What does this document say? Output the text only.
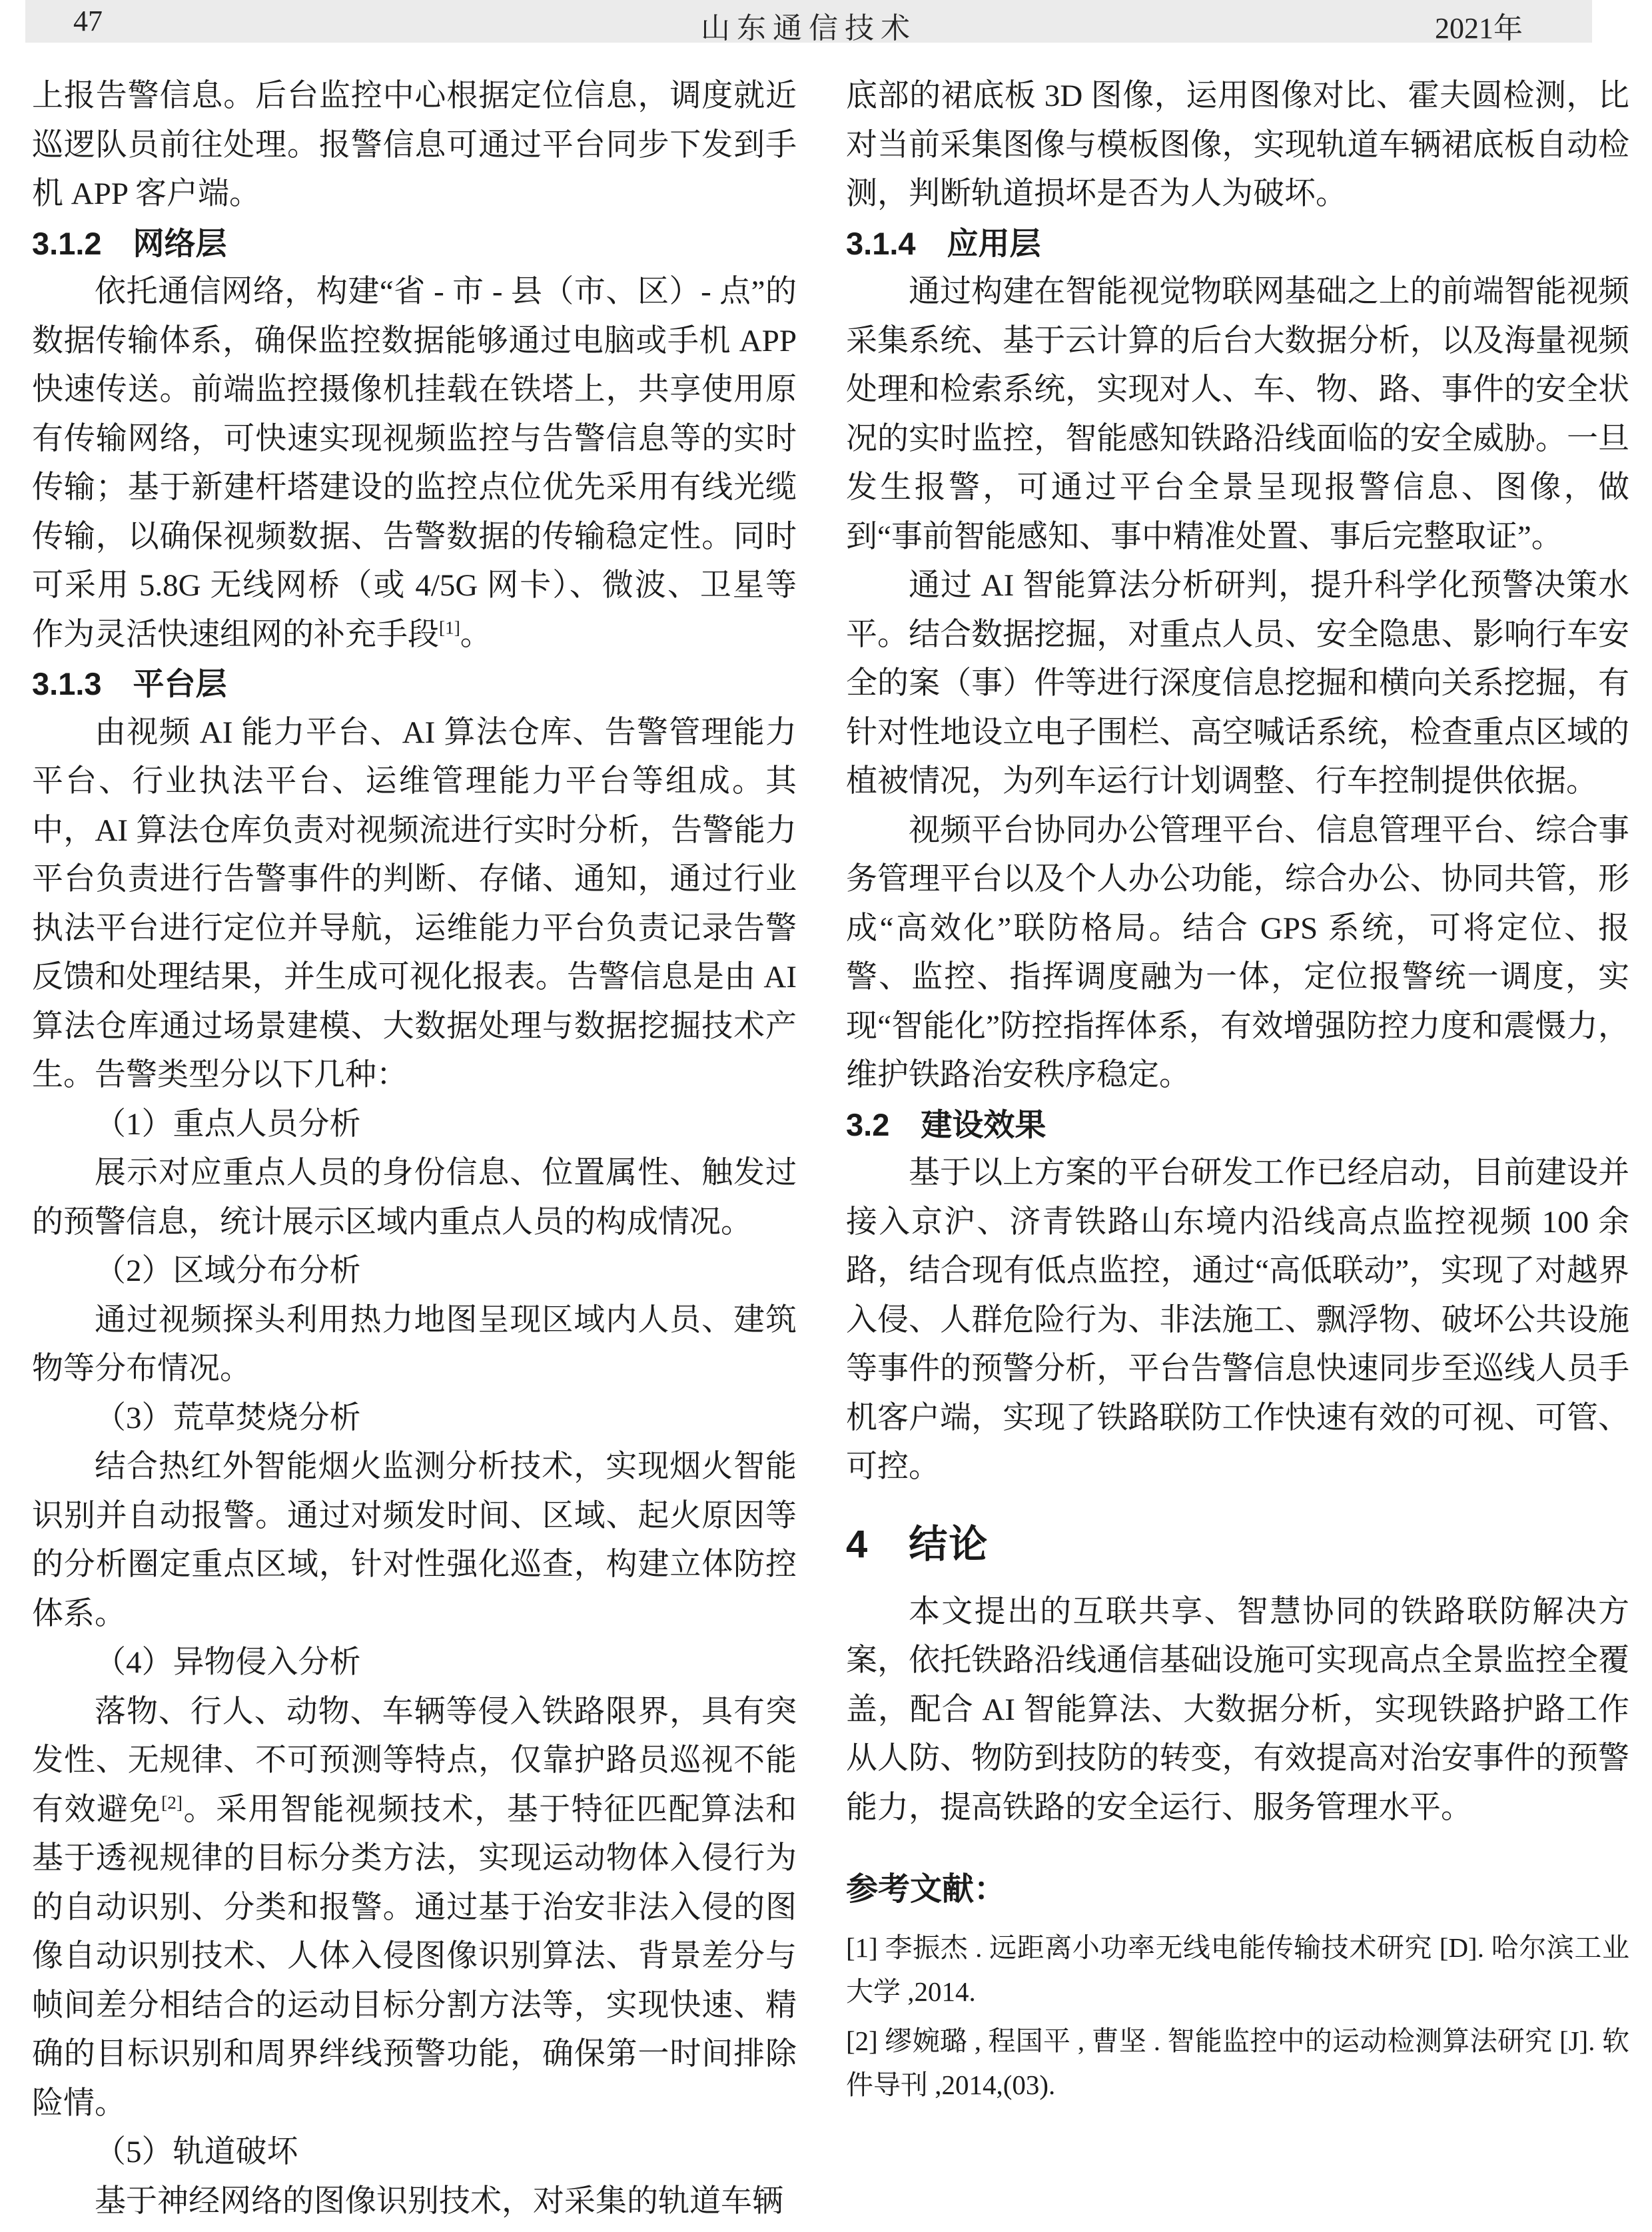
47	山东通信技术	2021年

上报告警信息。后台监控中心根据定位信息，调度就近巡逻队员前往处理。报警信息可通过平台同步下发到手机 APP 客户端。

3.1.2　网络层

依托通信网络，构建“省 - 市 - 县（市、区）- 点”的数据传输体系，确保监控数据能够通过电脑或手机 APP 快速传送。前端监控摄像机挂载在铁塔上，共享使用原有传输网络，可快速实现视频监控与告警信息等的实时传输；基于新建杆塔建设的监控点位优先采用有线光缆传输，以确保视频数据、告警数据的传输稳定性。同时可采用 5.8G 无线网桥（或 4/5G 网卡）、微波、卫星等作为灵活快速组网的补充手段[1]。

3.1.3　平台层

由视频 AI 能力平台、AI 算法仓库、告警管理能力平台、行业执法平台、运维管理能力平台等组成。其中，AI 算法仓库负责对视频流进行实时分析，告警能力平台负责进行告警事件的判断、存储、通知，通过行业执法平台进行定位并导航，运维能力平台负责记录告警反馈和处理结果，并生成可视化报表。告警信息是由 AI 算法仓库通过场景建模、大数据处理与数据挖掘技术产生。告警类型分以下几种：

（1）重点人员分析

展示对应重点人员的身份信息、位置属性、触发过的预警信息，统计展示区域内重点人员的构成情况。

（2）区域分布分析

通过视频探头利用热力地图呈现区域内人员、建筑物等分布情况。

（3）荒草焚烧分析

结合热红外智能烟火监测分析技术，实现烟火智能识别并自动报警。通过对频发时间、区域、起火原因等的分析圈定重点区域，针对性强化巡查，构建立体防控体系。

（4）异物侵入分析

落物、行人、动物、车辆等侵入铁路限界，具有突发性、无规律、不可预测等特点，仅靠护路员巡视不能有效避免[2]。采用智能视频技术，基于特征匹配算法和基于透视规律的目标分类方法，实现运动物体入侵行为的自动识别、分类和报警。通过基于治安非法入侵的图像自动识别技术、人体入侵图像识别算法、背景差分与帧间差分相结合的运动目标分割方法等，实现快速、精确的目标识别和周界绊线预警功能，确保第一时间排除险情。

（5）轨道破坏

基于神经网络的图像识别技术，对采集的轨道车辆

底部的裙底板 3D 图像，运用图像对比、霍夫圆检测，比对当前采集图像与模板图像，实现轨道车辆裙底板自动检测，判断轨道损坏是否为人为破坏。

3.1.4　应用层

通过构建在智能视觉物联网基础之上的前端智能视频采集系统、基于云计算的后台大数据分析，以及海量视频处理和检索系统，实现对人、车、物、路、事件的安全状况的实时监控，智能感知铁路沿线面临的安全威胁。一旦发生报警，可通过平台全景呈现报警信息、图像，做到“事前智能感知、事中精准处置、事后完整取证”。

通过 AI 智能算法分析研判，提升科学化预警决策水平。结合数据挖掘，对重点人员、安全隐患、影响行车安全的案（事）件等进行深度信息挖掘和横向关系挖掘，有针对性地设立电子围栏、高空喊话系统，检查重点区域的植被情况，为列车运行计划调整、行车控制提供依据。

视频平台协同办公管理平台、信息管理平台、综合事务管理平台以及个人办公功能，综合办公、协同共管，形成“高效化”联防格局。结合 GPS 系统，可将定位、报警、监控、指挥调度融为一体，定位报警统一调度，实现“智能化”防控指挥体系，有效增强防控力度和震慑力，维护铁路治安秩序稳定。

3.2　建设效果

基于以上方案的平台研发工作已经启动，目前建设并接入京沪、济青铁路山东境内沿线高点监控视频 100 余路，结合现有低点监控，通过“高低联动”，实现了对越界入侵、人群危险行为、非法施工、飘浮物、破坏公共设施等事件的预警分析，平台告警信息快速同步至巡线人员手机客户端，实现了铁路联防工作快速有效的可视、可管、可控。

4　结论

本文提出的互联共享、智慧协同的铁路联防解决方案，依托铁路沿线通信基础设施可实现高点全景监控全覆盖，配合 AI 智能算法、大数据分析，实现铁路护路工作从人防、物防到技防的转变，有效提高对治安事件的预警能力，提高铁路的安全运行、服务管理水平。

参考文献：

[1] 李振杰 . 远距离小功率无线电能传输技术研究 [D]. 哈尔滨工业大学 ,2014.

[2] 缪婉璐 , 程国平 , 曹坚 . 智能监控中的运动检测算法研究 [J]. 软件导刊 ,2014,(03).
